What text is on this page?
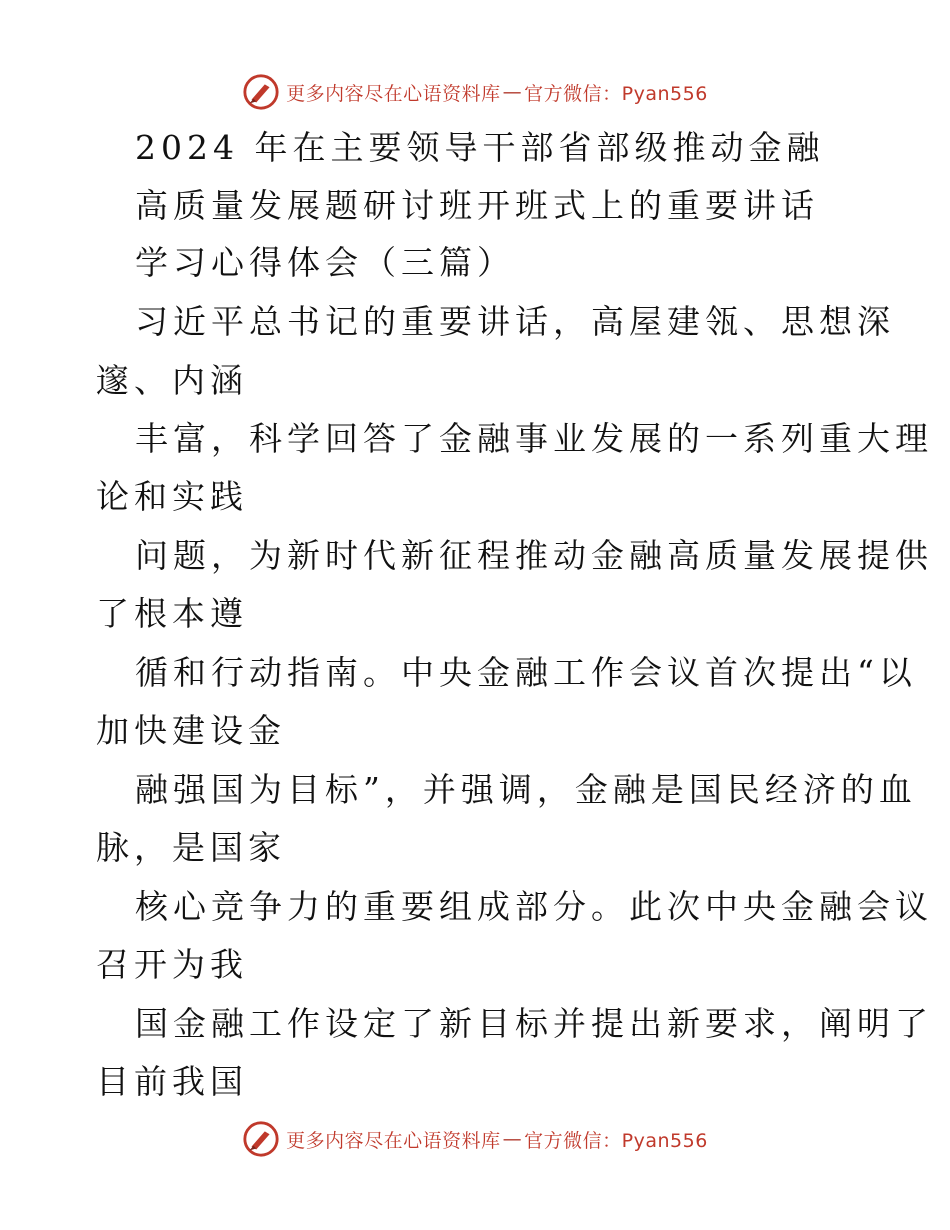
更多内容尽在心语资料库 — 官方微信：Pyan556
2024 年在主要领导干部省部级推动金融
高质量发展题研讨班开班式上的重要讲话
学习心得体会（三篇）
习近平总书记的重要讲话，高屋建瓴、思想深
邃、内涵
丰富，科学回答了金融事业发展的一系列重大理
论和实践
问题，为新时代新征程推动金融高质量发展提供
了根本遵
循和行动指南。中央金融工作会议首次提出“以
加快建设金
融强国为目标”，并强调，金融是国民经济的血
脉，是国家
核心竞争力的重要组成部分。此次中央金融会议
召开为我
国金融工作设定了新目标并提出新要求，阐明了
目前我国
更多内容尽在心语资料库 — 官方微信：Pyan556
